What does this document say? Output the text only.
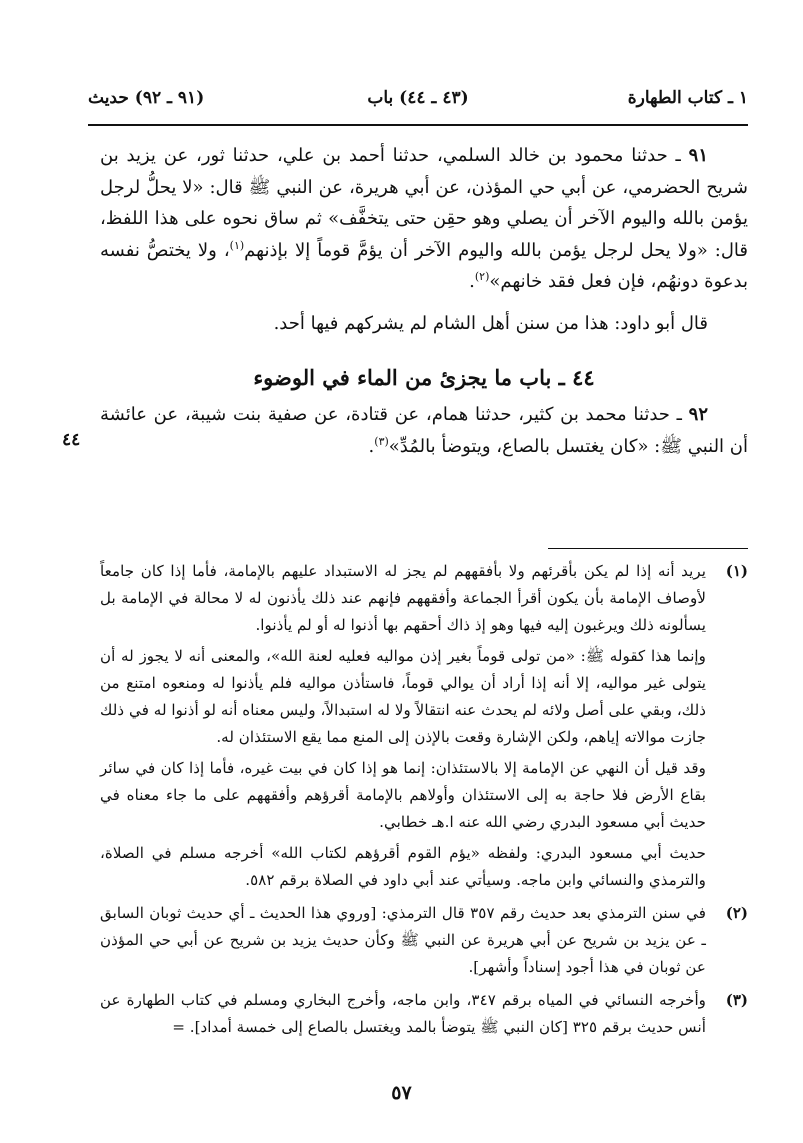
١ ـ كتاب الطهارة
(٤٣ ـ ٤٤) باب
(٩١ ـ ٩٢) حديث

٩١ ـ حدثنا محمود بن خالد السلمي، حدثنا أحمد بن علي، حدثنا ثور، عن يزيد بن شريح الحضرمي، عن أبي حي المؤذن، عن أبي هريرة، عن النبي ﷺ قال: «لا يحلُّ لرجل يؤمن بالله واليوم الآخر أن يصلي وهو حقِن حتى يتخفَّف» ثم ساق نحوه على هذا اللفظ، قال: «ولا يحل لرجل يؤمن بالله واليوم الآخر أن يؤمَّ قوماً إلا بإذنهم$^{(١)}$، ولا يختصُّ نفسه بدعوة دونهُم، فإن فعل فقد خانهم»$^{(٢)}$.

قال أبو داود: هذا من سنن أهل الشام لم يشركهم فيها أحد.

٤٤ ـ باب ما يجزئ من الماء في الوضوء

٩٢ ـ حدثنا محمد بن كثير، حدثنا همام، عن قتادة، عن صفية بنت شيبة، عن عائشة أن النبي ﷺ: «كان يغتسل بالصاع، ويتوضأ بالمُدِّ»$^{(٣)}$.

٤٤
(١)

يريد أنه إذا لم يكن بأقرئهم ولا بأفقههم لم يجز له الاستبداد عليهم بالإمامة، فأما إذا كان جامعاً لأوصاف الإمامة بأن يكون أقرأ الجماعة وأفقههم فإنهم عند ذلك يأذنون له لا محالة في الإمامة بل يسألونه ذلك ويرغبون إليه فيها وهو إذ ذاك أحقهم بها أذنوا له أو لم يأذنوا.

وإنما هذا كقوله ﷺ: «من تولى قوماً بغير إذن مواليه فعليه لعنة الله»، والمعنى أنه لا يجوز له أن يتولى غير مواليه، إلا أنه إذا أراد أن يوالي قوماً، فاستأذن مواليه فلم يأذنوا له ومنعوه امتنع من ذلك، وبقي على أصل ولائه لم يحدث عنه انتقالاً ولا له استبدالاً، وليس معناه أنه لو أذنوا له في ذلك جازت موالاته إياهم، ولكن الإشارة وقعت بالإذن إلى المنع مما يقع الاستئذان له.

وقد قيل أن النهي عن الإمامة إلا بالاستئذان: إنما هو إذا كان في بيت غيره، فأما إذا كان في سائر بقاع الأرض فلا حاجة به إلى الاستئذان وأولاهم بالإمامة أقرؤهم وأفقههم على ما جاء معناه في حديث أبي مسعود البدري رضي الله عنه ا.هـ خطابي.

حديث أبي مسعود البدري: ولفظه «يؤم القوم أقرؤهم لكتاب الله» أخرجه مسلم في الصلاة، والترمذي والنسائي وابن ماجه. وسيأتي عند أبي داود في الصلاة برقم ٥٨٢.

(٢)

في سنن الترمذي بعد حديث رقم ٣٥٧ قال الترمذي: [وروي هذا الحديث ـ أي حديث ثوبان السابق ـ عن يزيد بن شريح عن أبي هريرة عن النبي ﷺ وكأن حديث يزيد بن شريح عن أبي حي المؤذن عن ثوبان في هذا أجود إسناداً وأشهر].

(٣)

وأخرجه النسائي في المياه برقم ٣٤٧، وابن ماجه، وأخرج البخاري ومسلم في كتاب الطهارة عن أنس حديث برقم ٣٢٥ [كان النبي ﷺ يتوضأ بالمد ويغتسل بالصاع إلى خمسة أمداد]. =

٥٧
